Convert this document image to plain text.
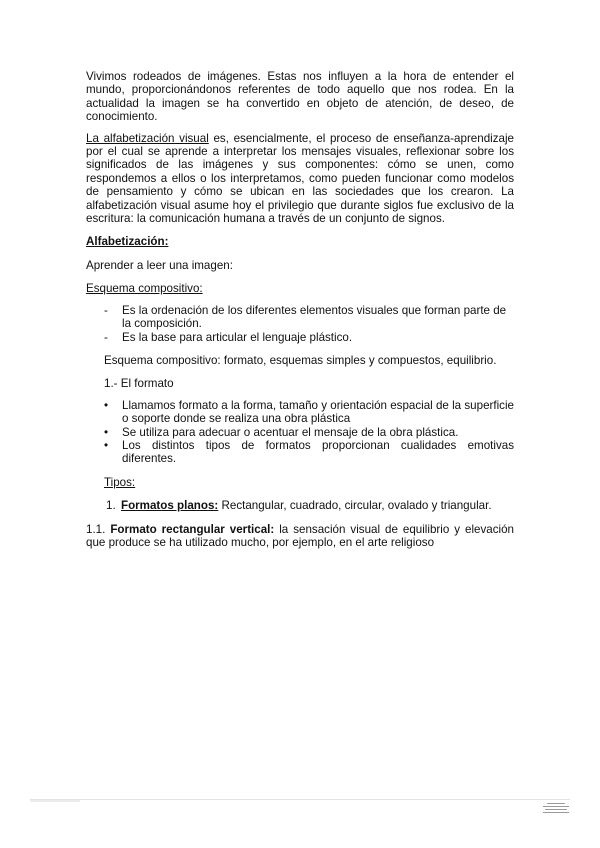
Vivimos rodeados de imágenes. Estas nos influyen a la hora de entender el mundo, proporcionándonos referentes de todo aquello que nos rodea. En la actualidad la imagen se ha convertido en objeto de atención, de deseo, de conocimiento.

La alfabetización visual es, esencialmente, el proceso de enseñanza-aprendizaje por el cual se aprende a interpretar los mensajes visuales, reflexionar sobre los significados de las imágenes y sus componentes: cómo se unen, como respondemos a ellos o los interpretamos, como pueden funcionar como modelos de pensamiento y cómo se ubican en las sociedades que los crearon. La alfabetización visual asume hoy el privilegio que durante siglos fue exclusivo de la escritura: la comunicación humana a través de un conjunto de signos.

Alfabetización:

Aprender a leer una imagen:

Esquema compositivo:

- Es la ordenación de los diferentes elementos visuales que forman parte de la composición.
- Es la base para articular el lenguaje plástico.

Esquema compositivo: formato, esquemas simples y compuestos, equilibrio.

1.- El formato

• Llamamos formato a la forma, tamaño y orientación espacial de la superficie o soporte donde se realiza una obra plástica
• Se utiliza para adecuar o acentuar el mensaje de la obra plástica.
• Los distintos tipos de formatos proporcionan cualidades emotivas diferentes.

Tipos:

1. Formatos planos: Rectangular, cuadrado, circular, ovalado y triangular.

1.1. Formato rectangular vertical: la sensación visual de equilibrio y elevación que produce se ha utilizado mucho, por ejemplo, en el arte religioso
